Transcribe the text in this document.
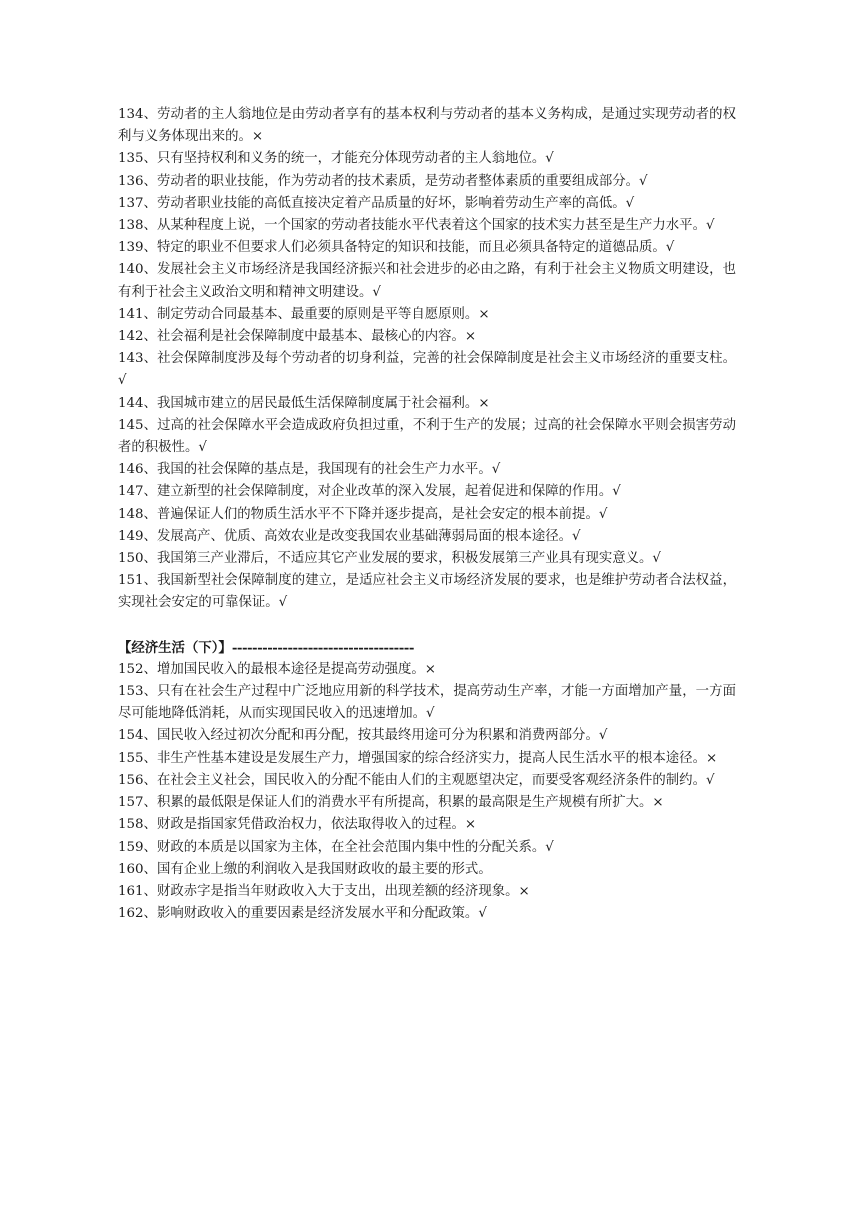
134、劳动者的主人翁地位是由劳动者享有的基本权利与劳动者的基本义务构成，是通过实现劳动者的权利与义务体现出来的。×

135、只有坚持权利和义务的统一，才能充分体现劳动者的主人翁地位。√

136、劳动者的职业技能，作为劳动者的技术素质，是劳动者整体素质的重要组成部分。√

137、劳动者职业技能的高低直接决定着产品质量的好坏，影响着劳动生产率的高低。√

138、从某种程度上说，一个国家的劳动者技能水平代表着这个国家的技术实力甚至是生产力水平。√

139、特定的职业不但要求人们必须具备特定的知识和技能，而且必须具备特定的道德品质。√

140、发展社会主义市场经济是我国经济振兴和社会进步的必由之路，有利于社会主义物质文明建设，也有利于社会主义政治文明和精神文明建设。√

141、制定劳动合同最基本、最重要的原则是平等自愿原则。×

142、社会福利是社会保障制度中最基本、最核心的内容。×

143、社会保障制度涉及每个劳动者的切身利益，完善的社会保障制度是社会主义市场经济的重要支柱。√

144、我国城市建立的居民最低生活保障制度属于社会福利。×

145、过高的社会保障水平会造成政府负担过重，不利于生产的发展；过高的社会保障水平则会损害劳动者的积极性。√

146、我国的社会保障的基点是，我国现有的社会生产力水平。√

147、建立新型的社会保障制度，对企业改革的深入发展，起着促进和保障的作用。√

148、普遍保证人们的物质生活水平不下降并逐步提高，是社会安定的根本前提。√

149、发展高产、优质、高效农业是改变我国农业基础薄弱局面的根本途径。√

150、我国第三产业滞后，不适应其它产业发展的要求，积极发展第三产业具有现实意义。√

151、我国新型社会保障制度的建立，是适应社会主义市场经济发展的要求，也是维护劳动者合法权益，实现社会安定的可靠保证。√

【经济生活（下）】------------------------------------

152、增加国民收入的最根本途径是提高劳动强度。×

153、只有在社会生产过程中广泛地应用新的科学技术，提高劳动生产率，才能一方面增加产量，一方面尽可能地降低消耗，从而实现国民收入的迅速增加。√

154、国民收入经过初次分配和再分配，按其最终用途可分为积累和消费两部分。√

155、非生产性基本建设是发展生产力，增强国家的综合经济实力，提高人民生活水平的根本途径。×

156、在社会主义社会，国民收入的分配不能由人们的主观愿望决定，而要受客观经济条件的制约。√

157、积累的最低限是保证人们的消费水平有所提高，积累的最高限是生产规模有所扩大。×

158、财政是指国家凭借政治权力，依法取得收入的过程。×

159、财政的本质是以国家为主体，在全社会范围内集中性的分配关系。√

160、国有企业上缴的利润收入是我国财政收的最主要的形式。

161、财政赤字是指当年财政收入大于支出，出现差额的经济现象。×

162、影响财政收入的重要因素是经济发展水平和分配政策。√
